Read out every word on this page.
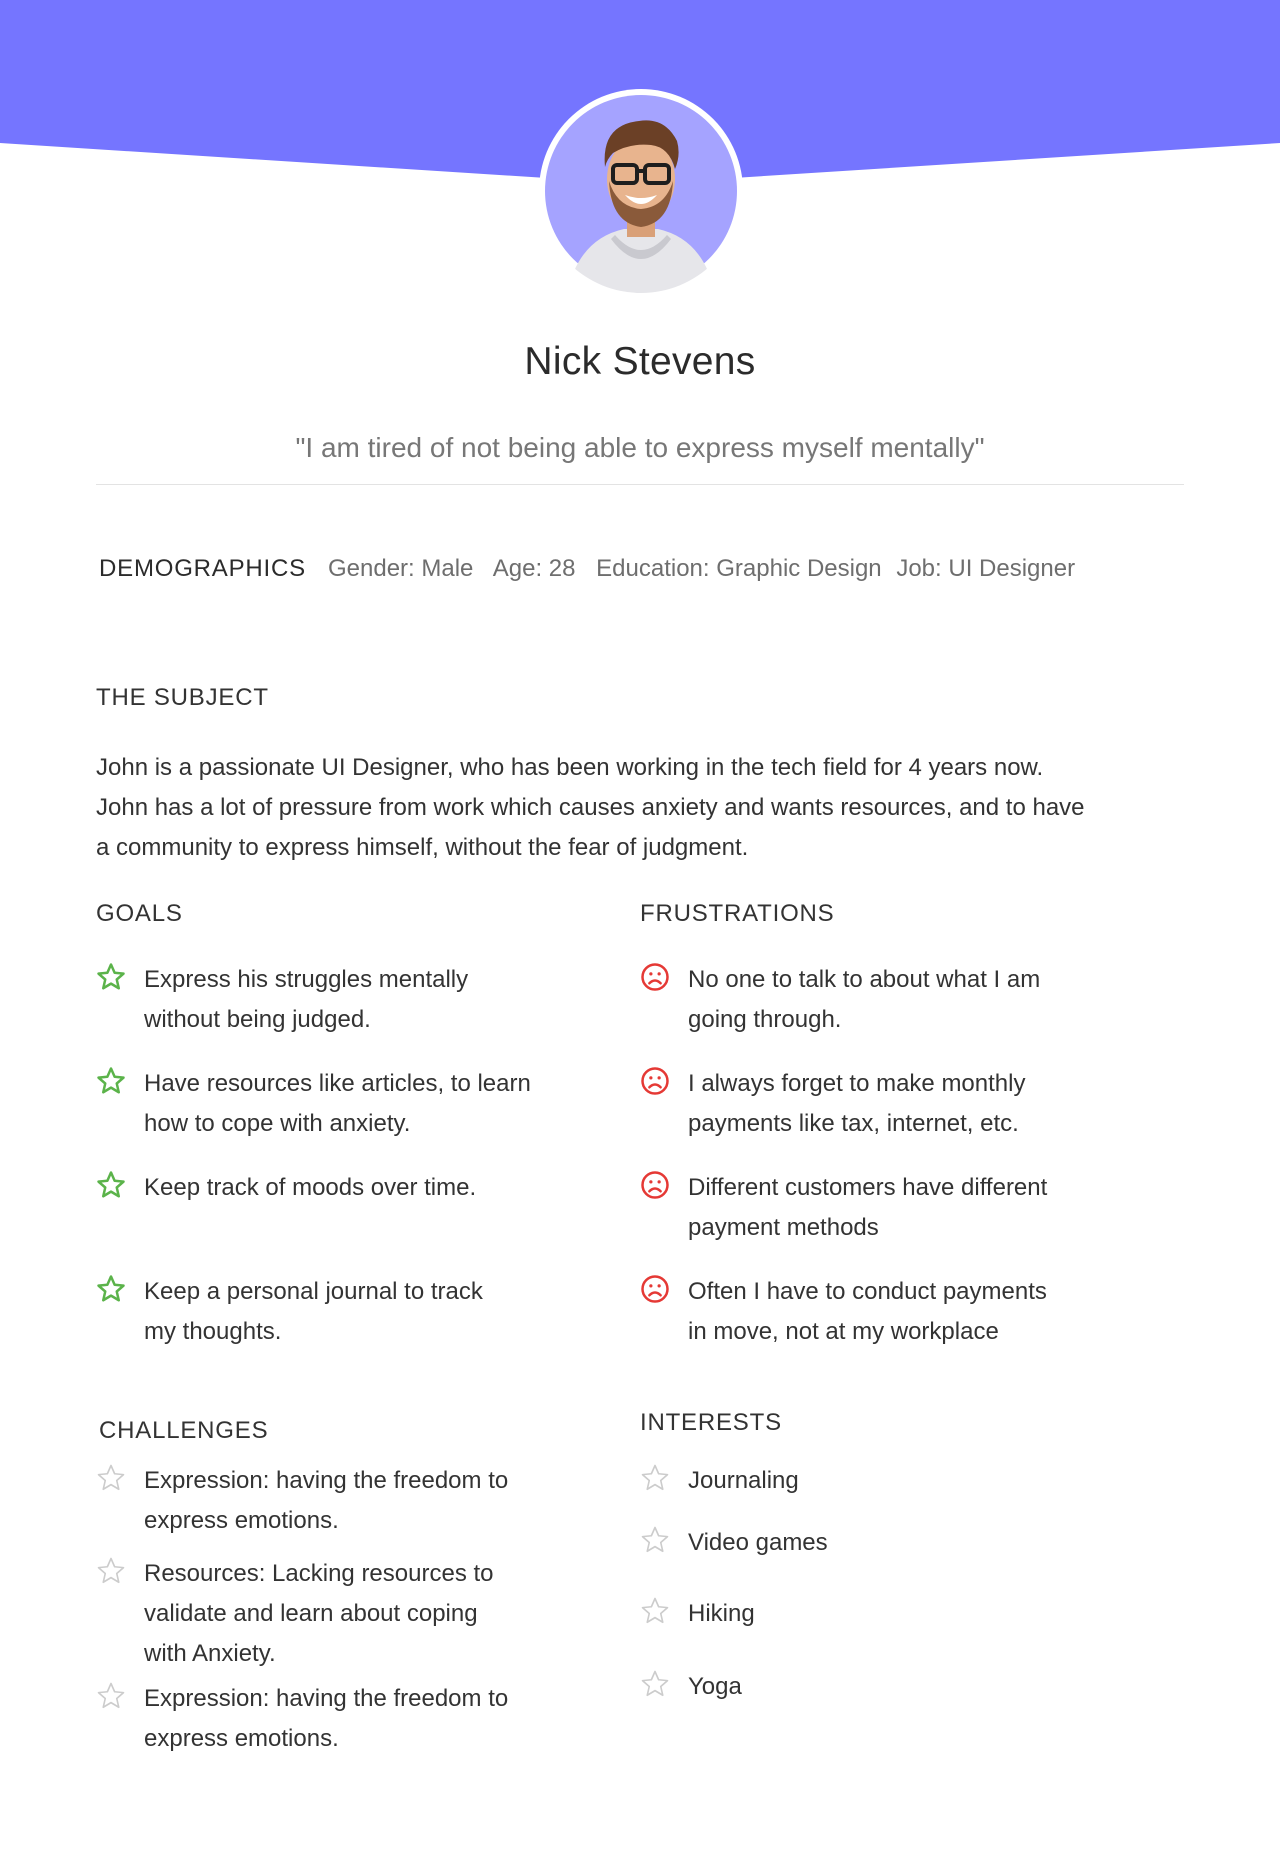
Nick Stevens
"I am tired of not being able to express myself mentally"
DEMOGRAPHICS Gender: Male Age: 28 Education: Graphic Design Job: UI Designer
THE SUBJECT
John is a passionate UI Designer, who has been working in the tech field for 4 years now.
John has a lot of pressure from work which causes anxiety and wants resources, and to have
a community to express himself, without the fear of judgment.
GOALS	FRUSTRATIONS
CHALLENGES	INTERESTS
Express his struggles mentally
without being judged.
Have resources like articles, to learn
how to cope with anxiety.
Keep track of moods over time.
Keep a personal journal to track
my thoughts.
No one to talk to about what I am
going through.
I always forget to make monthly
payments like tax, internet, etc.
Different customers have different
payment methods
Often I have to conduct payments
in move, not at my workplace
Expression: having the freedom to
express emotions.
Resources: Lacking resources to
validate and learn about coping
with Anxiety.
Expression: having the freedom to
express emotions.
Journaling
Video games
Hiking
Yoga
